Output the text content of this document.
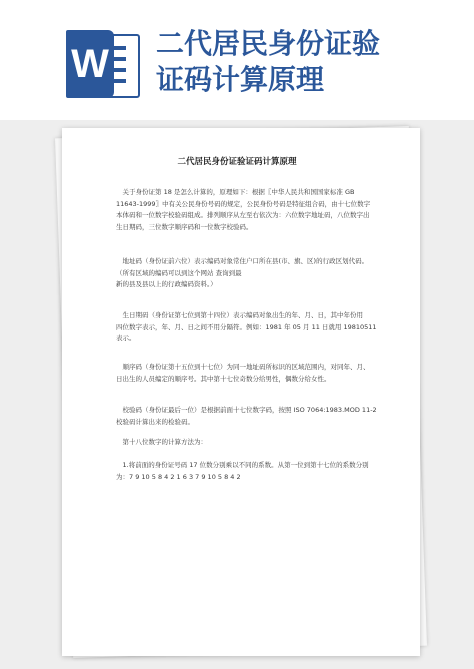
W 二代居民身份证验
证码计算原理
二代居民身份证验证码计算原理
　关于身份证第 18 是怎么计算的，原理如下：根据〖中华人民共和国国家标准 GB
11643-1999〗中有关公民身份号码的规定，公民身份号码是特征组合码，由十七位数字
本体码和一位数字校验码组成。排列顺序从左至右依次为：六位数字地址码，八位数字出
生日期码，三位数字顺序码和一位数字校验码。
　地址码（身份证前六位）表示编码对象常住户口所在县(市、旗、区)的行政区划代码。
（所有区域的编码可以到这个网站 查询到最
新的县及县以上的行政编码资料。）
　生日期码（身份证第七位到第十四位）表示编码对象出生的年、月、日，其中年份用
四位数字表示，年、月、日之间不用分隔符。例如：1981 年 05 月 11 日就用 19810511
表示。
　顺序码（身份证第十五位到十七位）为同一地址码所标识的区域范围内，对同年、月、
日出生的人员编定的顺序号。其中第十七位奇数分给男性，偶数分给女性。
　校验码（身份证最后一位）是根据前面十七位数字码，按照 ISO 7064:1983.MOD 11-2
校验码计算出来的检验码。
　第十八位数字的计算方法为：
　1.将前面的身份证号码 17 位数分别乘以不同的系数。从第一位到第十七位的系数分别
为：7 9 10 5 8 4 2 1 6 3 7 9 10 5 8 4 2
